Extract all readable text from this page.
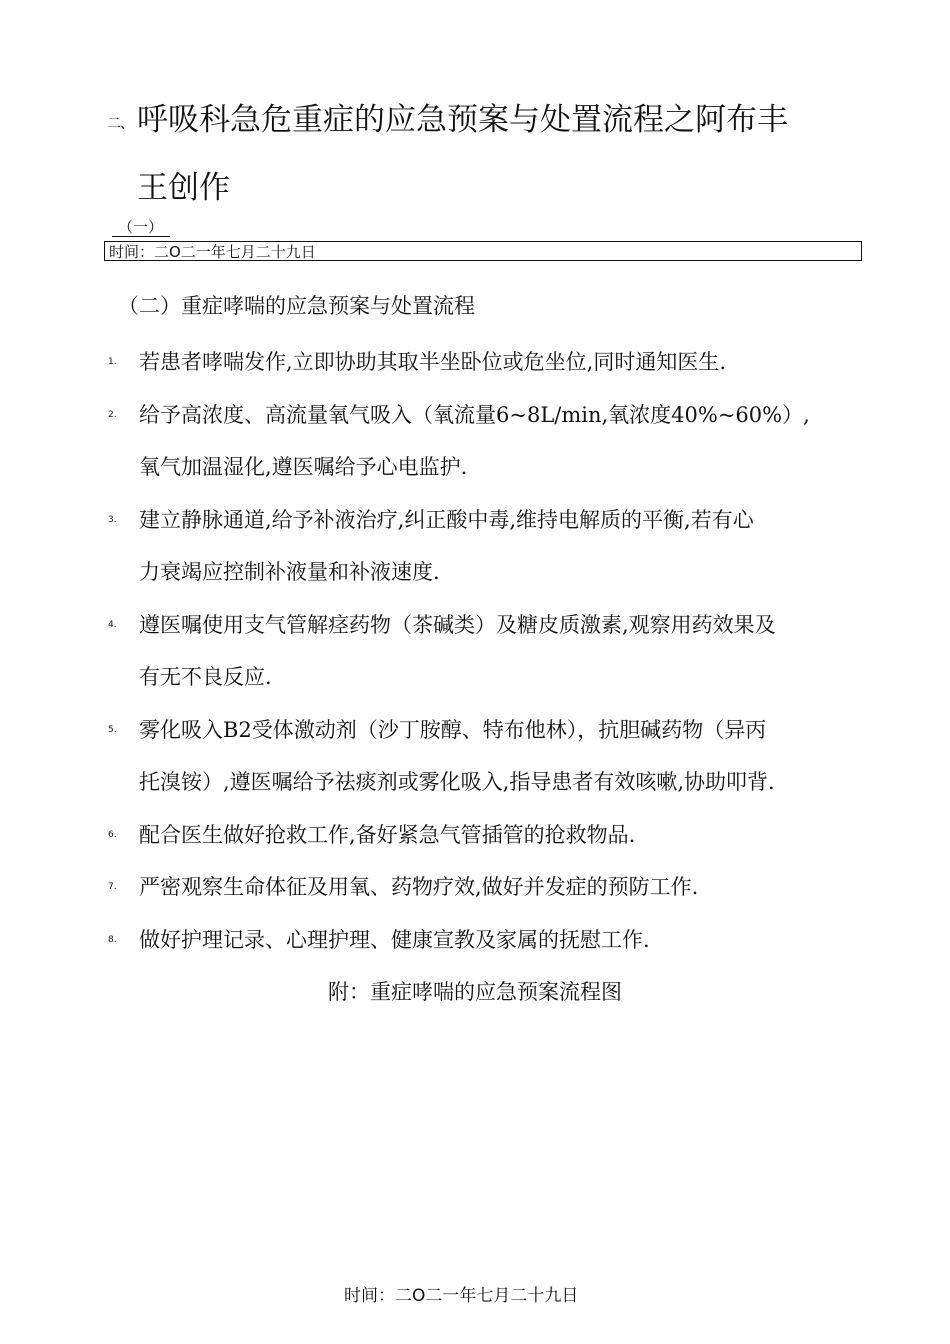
二、 呼吸科急危重症的应急预案与处置流程之阿布丰王创作
（一）
时间：二O二一年七月二十九日
（二）重症哮喘的应急预案与处置流程
1. 若患者哮喘发作,立即协助其取半坐卧位或危坐位,同时通知医生.
2. 给予高浓度、高流量氧气吸入（氧流量6~8L/min,氧浓度40%~60%）,
氧气加温湿化,遵医嘱给予心电监护.
3. 建立静脉通道,给予补液治疗,纠正酸中毒,维持电解质的平衡,若有心
力衰竭应控制补液量和补液速度.
4. 遵医嘱使用支气管解痉药物（茶碱类）及糖皮质激素,观察用药效果及
有无不良反应.
5. 雾化吸入B2受体激动剂（沙丁胺醇、特布他林），抗胆碱药物（异丙
托溴铵）,遵医嘱给予祛痰剂或雾化吸入,指导患者有效咳嗽,协助叩背.
6. 配合医生做好抢救工作,备好紧急气管插管的抢救物品.
7. 严密观察生命体征及用氧、药物疗效,做好并发症的预防工作.
8. 做好护理记录、心理护理、健康宣教及家属的抚慰工作.
附：重症哮喘的应急预案流程图
时间：二O二一年七月二十九日
